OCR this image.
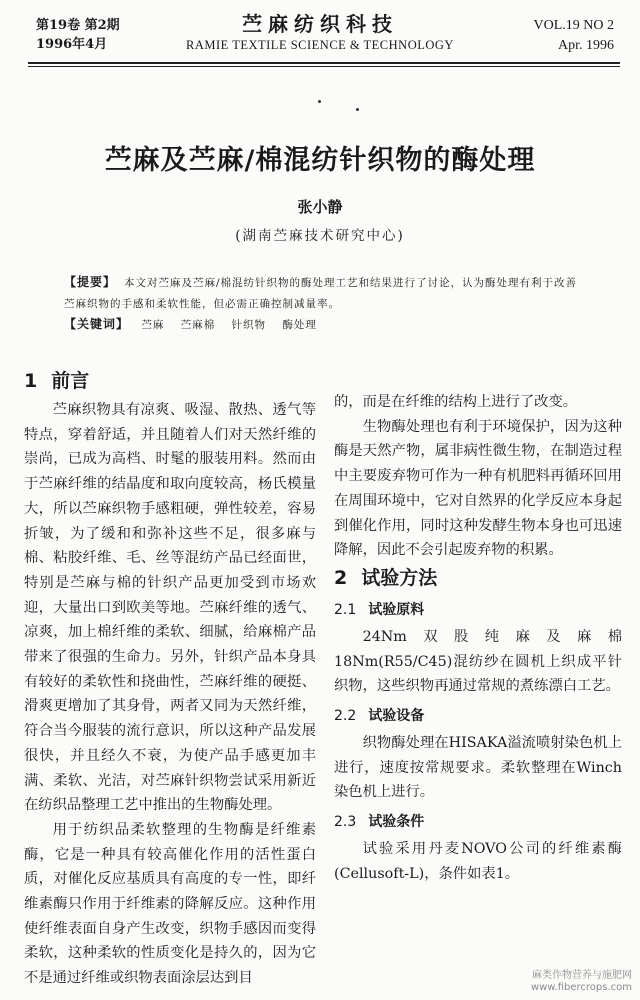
第19卷 第2期
1996年4月
苎麻纺织科技
RAMIE TEXTILE SCIENCE & TECHNOLOGY
VOL.19 NO 2
Apr. 1996
苎麻及苎麻/棉混纺针织物的酶处理
张小静
(湖南苎麻技术研究中心)
【提要】 本文对苎麻及苎麻/棉混纺针织物的酶处理工艺和结果进行了讨论，认为酶处理有利于改善
苎麻织物的手感和柔软性能，但必需正确控制减量率。
【关键词】 苎麻 苎麻棉 针织物 酶处理
1 前言

苎麻织物具有凉爽、吸湿、散热、透气等特点，穿着舒适，并且随着人们对天然纤维的崇尚，已成为高档、时髦的服装用料。然而由于苎麻纤维的结晶度和取向度较高，杨氏模量大，所以苎麻织物手感粗硬，弹性较差，容易折皱，为了缓和和弥补这些不足，很多麻与棉、粘胶纤维、毛、丝等混纺产品已经面世，特别是苎麻与棉的针织产品更加受到市场欢迎，大量出口到欧美等地。苎麻纤维的透气、凉爽，加上棉纤维的柔软、细腻，给麻棉产品带来了很强的生命力。另外，针织产品本身具有较好的柔软性和挠曲性，苎麻纤维的硬挺、滑爽更增加了其身骨，两者又同为天然纤维，符合当今服装的流行意识，所以这种产品发展很快，并且经久不衰，为使产品手感更加丰满、柔软、光洁，对苎麻针织物尝试采用新近在纺织品整理工艺中推出的生物酶处理。

用于纺织品柔软整理的生物酶是纤维素酶，它是一种具有较高催化作用的活性蛋白质，对催化反应基质具有高度的专一性，即纤维素酶只作用于纤维素的降解反应。这种作用使纤维表面自身产生改变，织物手感因而变得柔软，这种柔软的性质变化是持久的，因为它不是通过纤维或织物表面涂层达到目

的，而是在纤维的结构上进行了改变。

生物酶处理也有利于环境保护，因为这种酶是天然产物，属非病性微生物，在制造过程中主要废弃物可作为一种有机肥料再循环回用在周围环境中，它对自然界的化学反应本身起到催化作用，同时这种发酵生物本身也可迅速降解，因此不会引起废弃物的积累。

2 试验方法
2.1 试验原料

24Nm双股纯麻及麻棉18Nm(R55/C45)混纺纱在圆机上织成平针织物，这些织物再通过常规的煮练漂白工艺。

2.2 试验设备

织物酶处理在HISAKA溢流喷射染色机上进行，速度按常规要求。柔软整理在Winch染色机上进行。

2.3 试验条件

试验采用丹麦NOVO公司的纤维素酶(Cellusoft-L)，条件如表1。

麻类作物营养与施肥网
www.fibercrops.com
